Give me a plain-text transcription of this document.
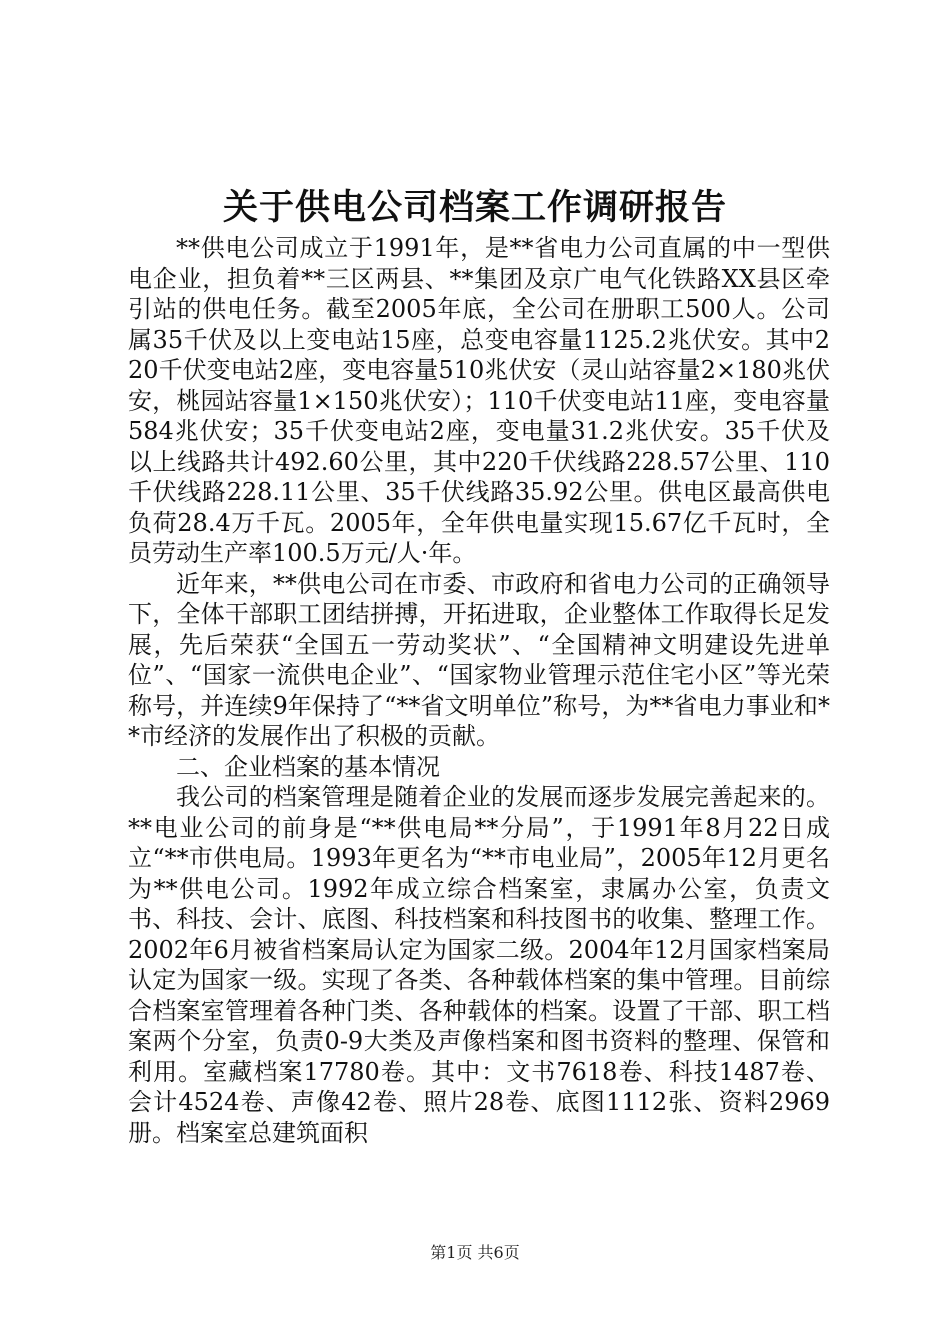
关于供电公司档案工作调研报告

**供电公司成立于1991年，是**省电力公司直属的中一型供电企业，担负着**三区两县、**集团及京广电气化铁路XX县区牵引站的供电任务。截至2005年底，全公司在册职工500人。公司属35千伏及以上变电站15座，总变电容量1125.2兆伏安。其中220千伏变电站2座，变电容量510兆伏安（灵山站容量2×180兆伏安，桃园站容量1×150兆伏安）；110千伏变电站11座，变电容量584兆伏安；35千伏变电站2座，变电量31.2兆伏安。35千伏及以上线路共计492.60公里，其中220千伏线路228.57公里、110千伏线路228.11公里、35千伏线路35.92公里。供电区最高供电负荷28.4万千瓦。2005年，全年供电量实现15.67亿千瓦时，全员劳动生产率100.5万元/人·年。

近年来，**供电公司在市委、市政府和省电力公司的正确领导下，全体干部职工团结拼搏，开拓进取，企业整体工作取得长足发展，先后荣获“全国五一劳动奖状”、“全国精神文明建设先进单位”、“国家一流供电企业”、“国家物业管理示范住宅小区”等光荣称号，并连续9年保持了“**省文明单位”称号，为**省电力事业和**市经济的发展作出了积极的贡献。

二、企业档案的基本情况

我公司的档案管理是随着企业的发展而逐步发展完善起来的。**电业公司的前身是“**供电局**分局”，于1991年8月22日成立“**市供电局。1993年更名为“**市电业局”，2005年12月更名为**供电公司。1992年成立综合档案室，隶属办公室，负责文书、科技、会计、底图、科技档案和科技图书的收集、整理工作。2002年6月被省档案局认定为国家二级。2004年12月国家档案局认定为国家一级。实现了各类、各种载体档案的集中管理。目前综合档案室管理着各种门类、各种载体的档案。设置了干部、职工档案两个分室，负责0-9大类及声像档案和图书资料的整理、保管和利用。室藏档案17780卷。其中：文书7618卷、科技1487卷、会计4524卷、声像42卷、照片28卷、底图1112张、资料2969册。档案室总建筑面积

第1页 共6页
